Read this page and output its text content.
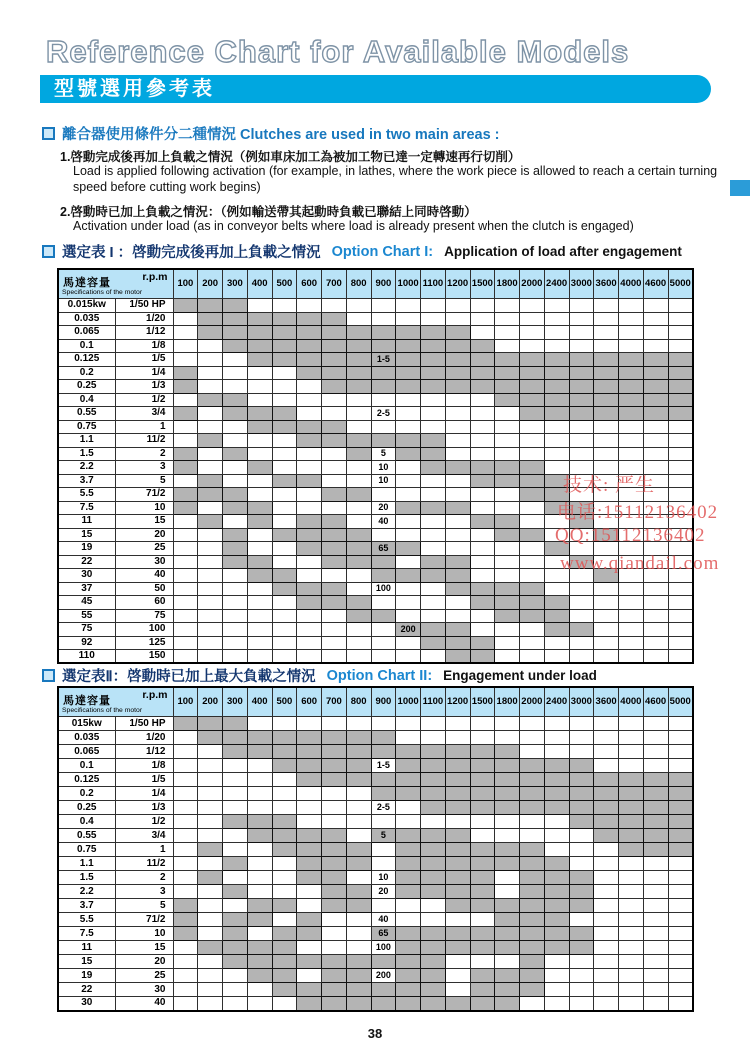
Reference Chart for Available Models
型號選用參考表
離合器使用條件分二種情況 Clutches are used in two main areas :
1.啓動完成後再加上負載之情況（例如車床加工為被加工物已達一定轉速再行切削）
Load is applied following activation (for example, in lathes, where the work piece is allowed to reach a certain turning
speed before cutting work begins)
2.啓動時已加上負載之情況：（例如輸送帶其起動時負載已聯結上同時啓動）
Activation under load (as in conveyor belts where load is already present when the clutch is engaged)
選定表 I ：啓動完成後再加上負載之情況 Option Chart I: Application of load after engagement
r.p.m
馬達容量
Specifications of the motor		100	200	300	400	500	600	700	800	900	1000	1100	1200	1500	1800	2000	2400	3000	3600	4000	4600	5000
0.015kw	1/50 HP																					
0.035	1/20																					
0.065	1/12																					
0.1	1/8																					
0.125	1/5									1-5												
0.2	1/4																					
0.25	1/3																					
0.4	1/2																					
0.55	3/4									2-5												
0.75	1																					
1.1	11/2																					
1.5	2									5												
2.2	3									10												
3.7	5									10												
5.5	71/2																					
7.5	10									20												
11	15									40												
15	20																					
19	25									65												
22	30																					
30	40																					
37	50									100												
45	60																					
55	75																					
75	100										200											
92	125																					
110	150																					
技术: 严生
电话:15112136402
QQ:15112136402
www.qiandail.com
選定表Ⅱ：啓動時已加上最大負載之情況 Option Chart II: Engagement under load
r.p.m
馬達容量
Specifications of the motor		100	200	300	400	500	600	700	800	900	1000	1100	1200	1500	1800	2000	2400	3000	3600	4000	4600	5000
015kw	1/50 HP																					
0.035	1/20																					
0.065	1/12																					
0.1	1/8									1-5												
0.125	1/5																					
0.2	1/4																					
0.25	1/3									2-5												
0.4	1/2																					
0.55	3/4									5												
0.75	1																					
1.1	11/2																					
1.5	2									10												
2.2	3									20												
3.7	5																					
5.5	71/2									40												
7.5	10									65												
11	15									100												
15	20																					
19	25									200												
22	30																					
30	40																					
38
